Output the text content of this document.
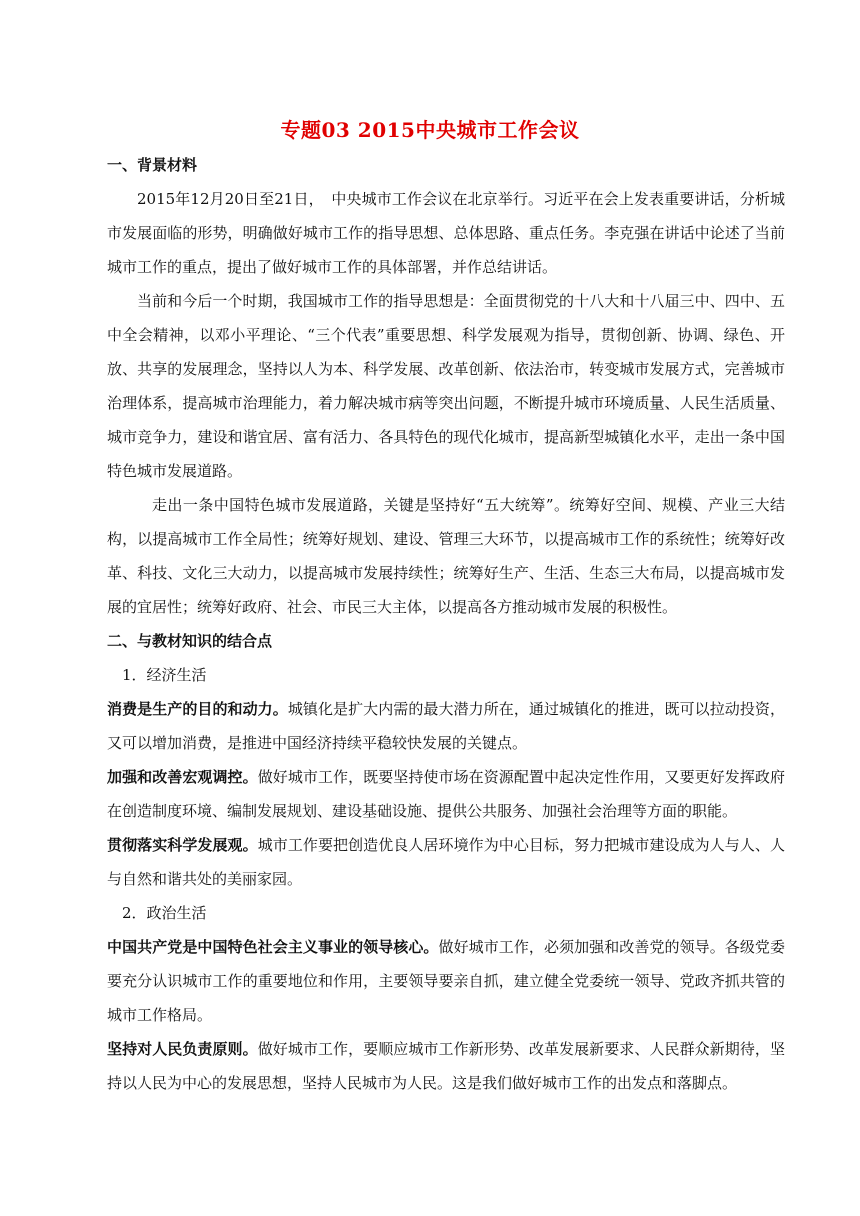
专题03 2015中央城市工作会议

一、背景材料

2015年12月20日至21日，　中央城市工作会议在北京举行。习近平在会上发表重要讲话，分析城市发展面临的形势，明确做好城市工作的指导思想、总体思路、重点任务。李克强在讲话中论述了当前城市工作的重点，提出了做好城市工作的具体部署，并作总结讲话。

当前和今后一个时期，我国城市工作的指导思想是：全面贯彻党的十八大和十八届三中、四中、五中全会精神，以邓小平理论、“三个代表”重要思想、科学发展观为指导，贯彻创新、协调、绿色、开放、共享的发展理念，坚持以人为本、科学发展、改革创新、依法治市，转变城市发展方式，完善城市治理体系，提高城市治理能力，着力解决城市病等突出问题，不断提升城市环境质量、人民生活质量、城市竞争力，建设和谐宜居、富有活力、各具特色的现代化城市，提高新型城镇化水平，走出一条中国特色城市发展道路。

走出一条中国特色城市发展道路，关键是坚持好“五大统筹”。统筹好空间、规模、产业三大结构，以提高城市工作全局性；统筹好规划、建设、管理三大环节，以提高城市工作的系统性；统筹好改革、科技、文化三大动力，以提高城市发展持续性；统筹好生产、生活、生态三大布局，以提高城市发展的宜居性；统筹好政府、社会、市民三大主体，以提高各方推动城市发展的积极性。

二、与教材知识的结合点

1．经济生活

消费是生产的目的和动力。城镇化是扩大内需的最大潜力所在，通过城镇化的推进，既可以拉动投资，又可以增加消费，是推进中国经济持续平稳较快发展的关键点。

加强和改善宏观调控。做好城市工作，既要坚持使市场在资源配置中起决定性作用，又要更好发挥政府在创造制度环境、编制发展规划、建设基础设施、提供公共服务、加强社会治理等方面的职能。

贯彻落实科学发展观。城市工作要把创造优良人居环境作为中心目标，努力把城市建设成为人与人、人与自然和谐共处的美丽家园。

2．政治生活

中国共产党是中国特色社会主义事业的领导核心。做好城市工作，必须加强和改善党的领导。各级党委要充分认识城市工作的重要地位和作用，主要领导要亲自抓，建立健全党委统一领导、党政齐抓共管的城市工作格局。

坚持对人民负责原则。做好城市工作，要顺应城市工作新形势、改革发展新要求、人民群众新期待，坚持以人民为中心的发展思想，坚持人民城市为人民。这是我们做好城市工作的出发点和落脚点。
